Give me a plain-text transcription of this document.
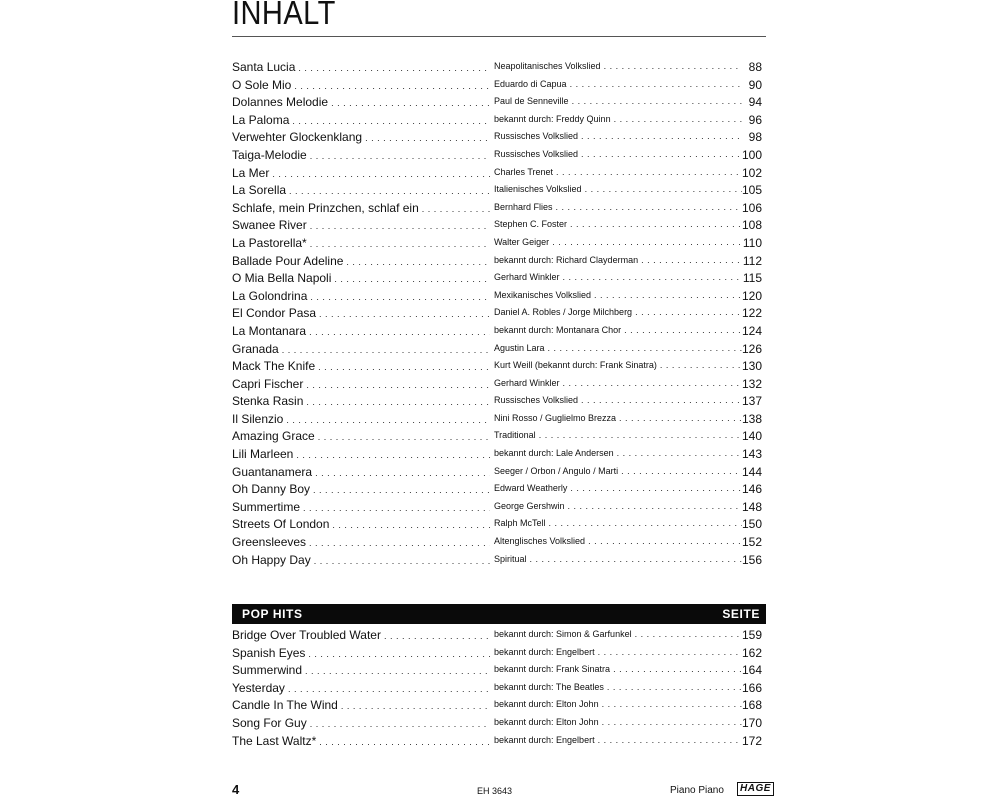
INHALT
Santa Lucia . . .	Neapolitanisches Volkslied . . .	88
O Sole Mio . . .	Eduardo di Capua . . .	90
Dolannes Melodie . . .	Paul de Senneville . . .	94
La Paloma . . .	bekannt durch: Freddy Quinn . . .	96
Verwehter Glockenklang . . .	Russisches Volkslied . . .	98
Taiga-Melodie . . .	Russisches Volkslied . . .	100
La Mer . . .	Charles Trenet . . .	102
La Sorella . . .	Italienisches Volkslied . . .	105
Schlafe, mein Prinzchen, schlaf ein . . .	Bernhard Flies . . .	106
Swanee River . . .	Stephen C. Foster . . .	108
La Pastorella* . . .	Walter Geiger . . .	110
Ballade Pour Adeline . . .	bekannt durch: Richard Clayderman . . .	112
O Mia Bella Napoli . . .	Gerhard Winkler . . .	115
La Golondrina . . .	Mexikanisches Volkslied . . .	120
El Condor Pasa . . .	Daniel A. Robles / Jorge Milchberg . . .	122
La Montanara . . .	bekannt durch: Montanara Chor . . .	124
Granada . . .	Agustin Lara . . .	126
Mack The Knife . . .	Kurt Weill (bekannt durch: Frank Sinatra) . . .	130
Capri Fischer . . .	Gerhard Winkler . . .	132
Stenka Rasin . . .	Russisches Volkslied . . .	137
Il Silenzio . . .	Nini Rosso / Guglielmo Brezza . . .	138
Amazing Grace . . .	Traditional . . .	140
Lili Marleen . . .	bekannt durch: Lale Andersen . . .	143
Guantanamera . . .	Seeger / Orbon / Angulo / Marti . . .	144
Oh Danny Boy . . .	Edward Weatherly . . .	146
Summertime . . .	George Gershwin . . .	148
Streets Of London . . .	Ralph McTell . . .	150
Greensleeves . . .	Altenglisches Volkslied . . .	152
Oh Happy Day . . .	Spiritual . . .	156
POP HITS	SEITE
Bridge Over Troubled Water . . .	bekannt durch: Simon & Garfunkel . . .	159
Spanish Eyes . . .	bekannt durch: Engelbert . . .	162
Summerwind . . .	bekannt durch: Frank Sinatra . . .	164
Yesterday . . .	bekannt durch: The Beatles . . .	166
Candle In The Wind . . .	bekannt durch: Elton John . . .	168
Song For Guy . . .	bekannt durch: Elton John . . .	170
The Last Waltz* . . .	bekannt durch: Engelbert . . .	172
4	EH 3643	Piano Piano	HAGE
